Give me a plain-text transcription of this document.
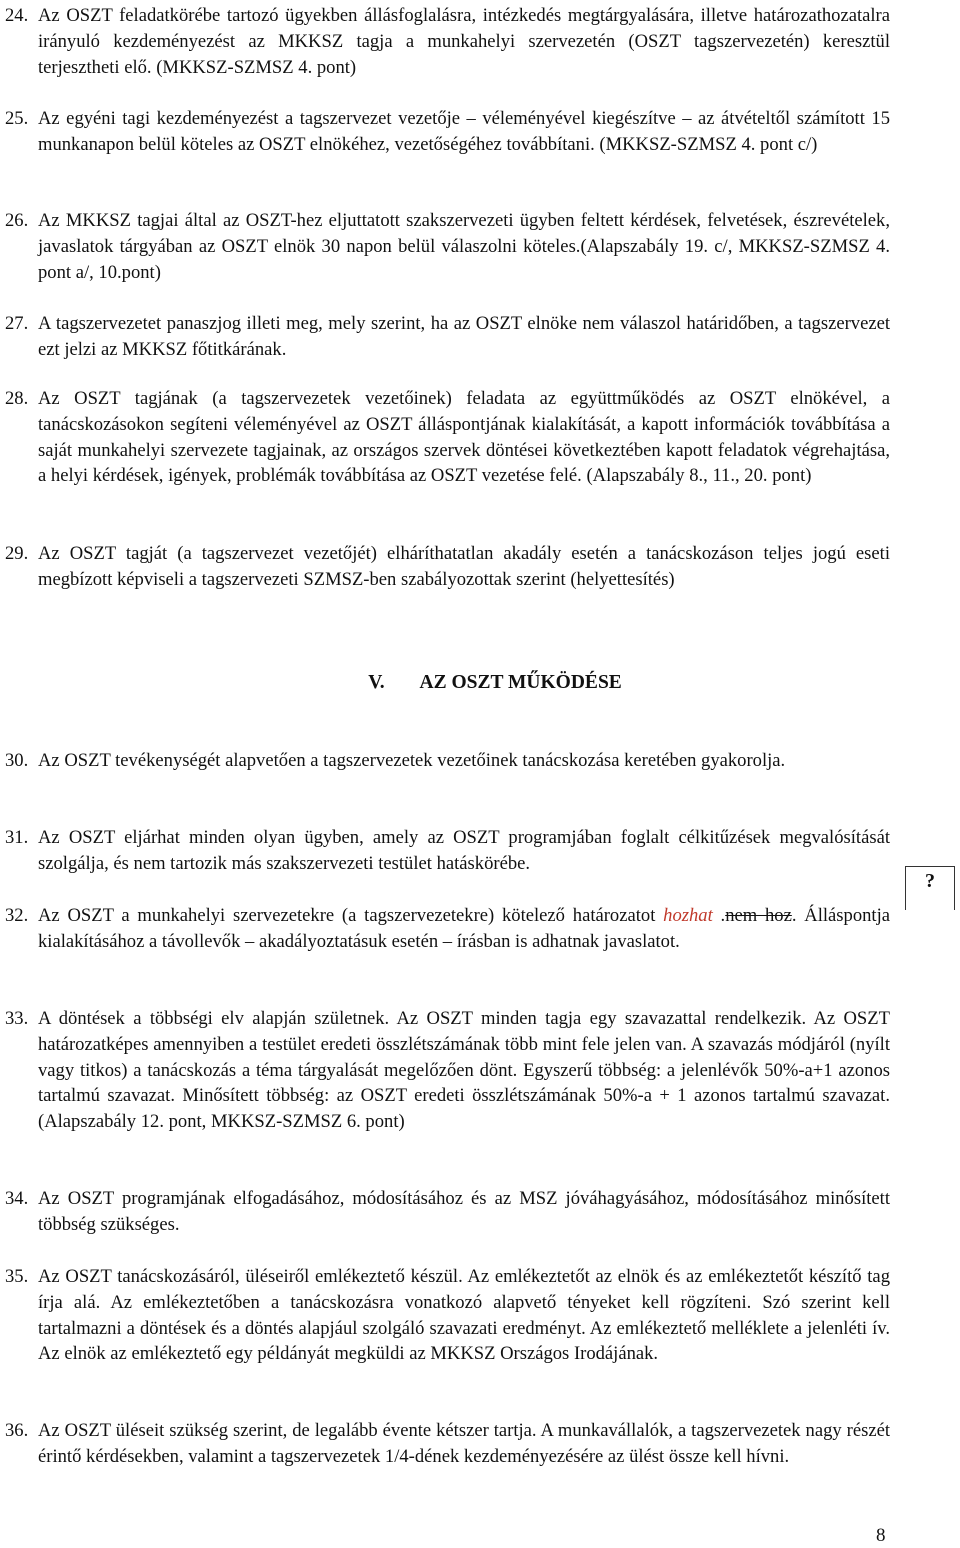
24. Az OSZT feladatkörébe tartozó ügyekben állásfoglalásra, intézkedés megtárgyalására, illetve határozathozatalra irányuló kezdeményezést az MKKSZ tagja a munkahelyi szervezetén (OSZT tagszervezetén) keresztül terjesztheti elő. (MKKSZ-SZMSZ 4. pont)
25. Az egyéni tagi kezdeményezést a tagszervezet vezetője – véleményével kiegészítve – az átvételtől számított 15 munkanapon belül köteles az OSZT elnökéhez, vezetőségéhez továbbítani. (MKKSZ-SZMSZ 4. pont c/)
26. Az MKKSZ tagjai által az OSZT-hez eljuttatott szakszervezeti ügyben feltett kérdések, felvetések, észrevételek, javaslatok tárgyában az OSZT elnök 30 napon belül válaszolni köteles.(Alapszabály 19. c/, MKKSZ-SZMSZ 4. pont a/, 10.pont)
27. A tagszervezetet panaszjog illeti meg, mely szerint, ha az OSZT elnöke nem válaszol határidőben, a tagszervezet ezt jelzi az MKKSZ főtitkárának.
28. Az OSZT tagjának (a tagszervezetek vezetőinek) feladata az együttműködés az OSZT elnökével, a tanácskozásokon segíteni véleményével az OSZT álláspontjának kialakítását, a kapott információk továbbítása a saját munkahelyi szervezete tagjainak, az országos szervek döntései következtében kapott feladatok végrehajtása, a helyi kérdések, igények, problémák továbbítása az OSZT vezetése felé. (Alapszabály 8., 11., 20. pont)
29. Az OSZT tagját (a tagszervezet vezetőjét) elháríthatatlan akadály esetén a tanácskozáson teljes jogú eseti megbízott képviseli a tagszervezeti SZMSZ-ben szabályozottak szerint (helyettesítés)
V. AZ OSZT MŰKÖDÉSE
30. Az OSZT tevékenységét alapvetően a tagszervezetek vezetőinek tanácskozása keretében gyakorolja.
31. Az OSZT eljárhat minden olyan ügyben, amely az OSZT programjában foglalt célkitűzések megvalósítását szolgálja, és nem tartozik más szakszervezeti testület hatáskörébe.
32. Az OSZT a munkahelyi szervezetekre (a tagszervezetekre) kötelező határozatot hozhat .nem hoz. Álláspontja kialakításához a távollevők – akadályoztatásuk esetén – írásban is adhatnak javaslatot.
?
33. A döntések a többségi elv alapján születnek. Az OSZT minden tagja egy szavazattal rendelkezik. Az OSZT határozatképes amennyiben a testület eredeti összlétszámának több mint fele jelen van. A szavazás módjáról (nyílt vagy titkos) a tanácskozás a téma tárgyalását megelőzően dönt. Egyszerű többség: a jelenlévők 50%-a+1 azonos tartalmú szavazat. Minősített többség: az OSZT eredeti összlétszámának 50%-a + 1 azonos tartalmú szavazat. (Alapszabály 12. pont, MKKSZ-SZMSZ 6. pont)
34. Az OSZT programjának elfogadásához, módosításához és az MSZ jóváhagyásához, módosításához minősített többség szükséges.
35. Az OSZT tanácskozásáról, üléseiről emlékeztető készül. Az emlékeztetőt az elnök és az emlékeztetőt készítő tag írja alá. Az emlékeztetőben a tanácskozásra vonatkozó alapvető tényeket kell rögzíteni. Szó szerint kell tartalmazni a döntések és a döntés alapjául szolgáló szavazati eredményt. Az emlékeztető melléklete a jelenléti ív. Az elnök az emlékeztető egy példányát megküldi az MKKSZ Országos Irodájának.
36. Az OSZT üléseit szükség szerint, de legalább évente kétszer tartja. A munkavállalók, a tagszervezetek nagy részét érintő kérdésekben, valamint a tagszervezetek 1/4-dének kezdeményezésére az ülést össze kell hívni.
8
